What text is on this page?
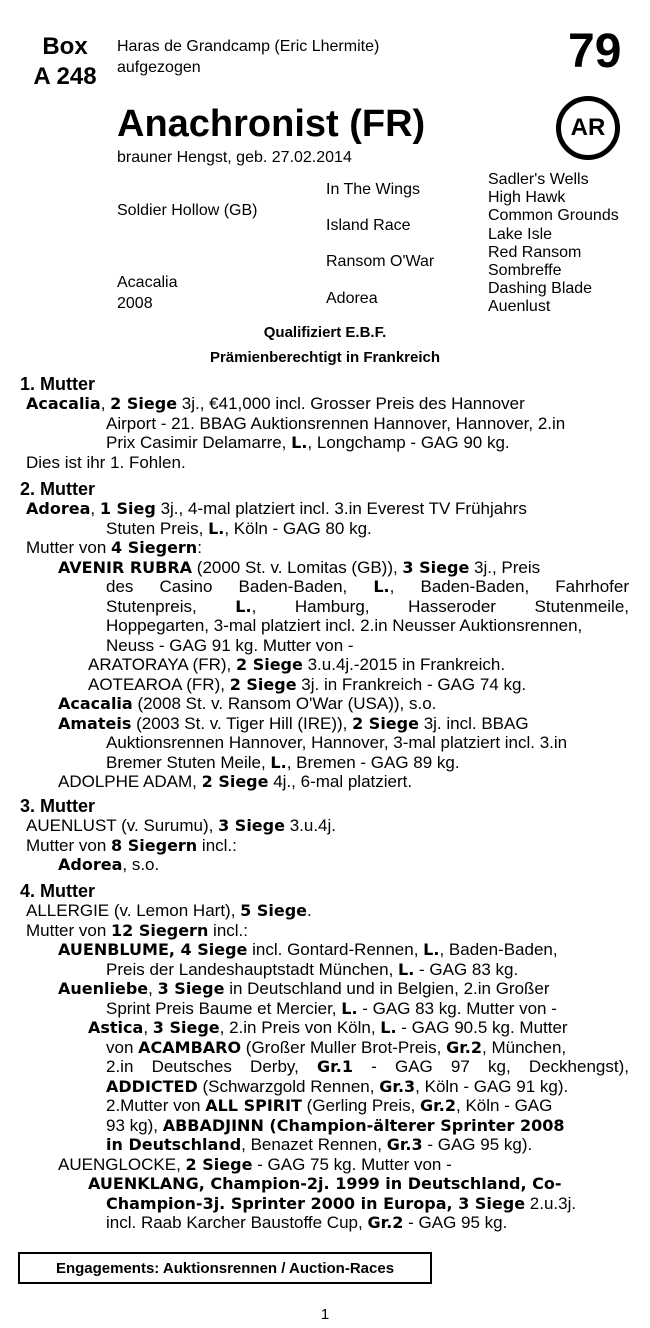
Box
A 248
Haras de Grandcamp (Eric Lhermite)
aufgezogen	79
AR
Anachronist (FR)
brauner Hengst, geb. 27.02.2014
Soldier Hollow (GB)
Acacalia
2008
In The Wings
Island Race
Ransom O'War
Adorea
Sadler's Wells
High Hawk
Common Grounds
Lake Isle
Red Ransom
Sombreffe
Dashing Blade
Auenlust
Qualifiziert E.B.F.
Prämienberechtigt in Frankreich
1. Mutter
Acacalia, 2 Siege 3j., €41,000 incl. Grosser Preis des Hannover
Airport - 21. BBAG Auktionsrennen Hannover, Hannover, 2.in
Prix Casimir Delamarre, L., Longchamp - GAG 90 kg.
Dies ist ihr 1. Fohlen.
2. Mutter
Adorea, 1 Sieg 3j., 4-mal platziert incl. 3.in Everest TV Frühjahrs
Stuten Preis, L., Köln - GAG 80 kg.
Mutter von 4 Siegern:
AVENIR RUBRA (2000 St. v. Lomitas (GB)), 3 Siege 3j., Preis
des Casino Baden-Baden, L., Baden-Baden, Fahrhofer
Stutenpreis, L., Hamburg, Hasseroder Stutenmeile,
Hoppegarten, 3-mal platziert incl. 2.in Neusser Auktionsrennen,
Neuss - GAG 91 kg. Mutter von -
ARATORAYA (FR), 2 Siege 3.u.4j.-2015 in Frankreich.
AOTEAROA (FR), 2 Siege 3j. in Frankreich - GAG 74 kg.
Acacalia (2008 St. v. Ransom O'War (USA)), s.o.
Amateis (2003 St. v. Tiger Hill (IRE)), 2 Siege 3j. incl. BBAG
Auktionsrennen Hannover, Hannover, 3-mal platziert incl. 3.in
Bremer Stuten Meile, L., Bremen - GAG 89 kg.
ADOLPHE ADAM, 2 Siege 4j., 6-mal platziert.
3. Mutter
AUENLUST (v. Surumu), 3 Siege 3.u.4j.
Mutter von 8 Siegern incl.:
Adorea, s.o.
4. Mutter
ALLERGIE (v. Lemon Hart), 5 Siege.
Mutter von 12 Siegern incl.:
AUENBLUME, 4 Siege incl. Gontard-Rennen, L., Baden-Baden,
Preis der Landeshauptstadt München, L. - GAG 83 kg.
Auenliebe, 3 Siege in Deutschland und in Belgien, 2.in Großer
Sprint Preis Baume et Mercier, L. - GAG 83 kg. Mutter von -
Astica, 3 Siege, 2.in Preis von Köln, L. - GAG 90.5 kg. Mutter
von ACAMBARO (Großer Muller Brot-Preis, Gr.2, München,
2.in Deutsches Derby, Gr.1 - GAG 97 kg, Deckhengst),
ADDICTED (Schwarzgold Rennen, Gr.3, Köln - GAG 91 kg).
2.Mutter von ALL SPIRIT (Gerling Preis, Gr.2, Köln - GAG
93 kg), ABBADJINN (Champion-älterer Sprinter 2008
in Deutschland, Benazet Rennen, Gr.3 - GAG 95 kg).
AUENGLOCKE, 2 Siege - GAG 75 kg. Mutter von -
AUENKLANG, Champion-2j. 1999 in Deutschland, Co-
Champion-3j. Sprinter 2000 in Europa, 3 Siege 2.u.3j.
incl. Raab Karcher Baustoffe Cup, Gr.2 - GAG 95 kg.
Engagements: Auktionsrennen / Auction-Races
1
